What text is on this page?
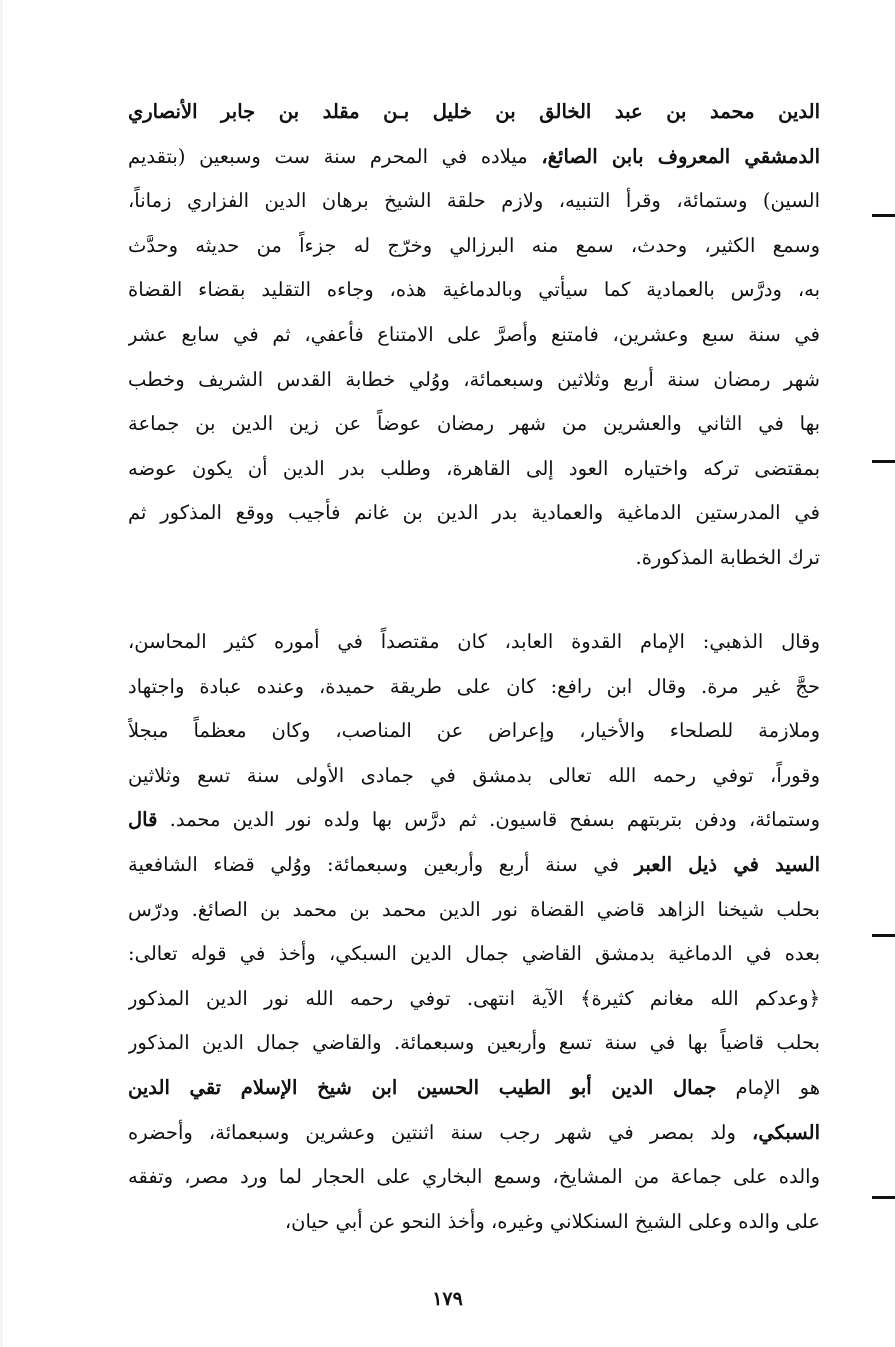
الدين محمد بن عبد الخالق بن خليل بـن مقلد بن جابر الأنصاري
الدمشقي المعروف بابن الصائغ، ميلاده في المحرم سنة ست وسبعين (بتقديم
السين) وستمائة، وقرأ التنبيه، ولازم حلقة الشيخ برهان الدين الفزاري زماناً،
وسمع الكثير، وحدث، سمع منه البرزالي وخرّج له جزءاً من حديثه وحدَّث
به، ودرَّس بالعمادية كما سيأتي وبالدماغية هذه، وجاءه التقليد بقضاء القضاة
في سنة سبع وعشرين، فامتنع وأصرَّ على الامتناع فأعفي، ثم في سابع عشر
شهر رمضان سنة أربع وثلاثين وسبعمائة، ووُلي خطابة القدس الشريف وخطب
بها في الثاني والعشرين من شهر رمضان عوضاً عن زين الدين بن جماعة
بمقتضى تركه واختياره العود إلى القاهرة، وطلب بدر الدين أن يكون عوضه
في المدرستين الدماغية والعمادية بدر الدين بن غانم فأجيب ووقع المذكور ثم
ترك الخطابة المذكورة.
وقال الذهبي: الإمام القدوة العابد، كان مقتصداً في أموره كثير المحاسن،
حجَّ غير مرة. وقال ابن رافع: كان على طريقة حميدة، وعنده عبادة واجتهاد
وملازمة للصلحاء والأخيار، وإعراض عن المناصب، وكان معظماً مبجلاً
وقوراً، توفي رحمه الله تعالى بدمشق في جمادى الأولى سنة تسع وثلاثين
وستمائة، ودفن بتربتهم بسفح قاسيون. ثم درَّس بها ولده نور الدين محمد. قال
السيد في ذيل العبر في سنة أربع وأربعين وسبعمائة: ووُلي قضاء الشافعية
بحلب شيخنا الزاهد قاضي القضاة نور الدين محمد بن محمد بن الصائغ. ودرّس
بعده في الدماغية بدمشق القاضي جمال الدين السبكي، وأخذ في قوله تعالى:
﴿وعدكم الله مغانم كثيرة﴾ الآية انتهى. توفي رحمه الله نور الدين المذكور
بحلب قاضياً بها في سنة تسع وأربعين وسبعمائة. والقاضي جمال الدين المذكور
هو الإمام جمال الدين أبو الطيب الحسين ابن شيخ الإسلام تقي الدين
السبكي، ولد بمصر في شهر رجب سنة اثنتين وعشرين وسبعمائة، وأحضره
والده على جماعة من المشايخ، وسمع البخاري على الحجار لما ورد مصر، وتفقه
على والده وعلى الشيخ السنكلاني وغيره، وأخذ النحو عن أبي حيان،
١٧٩
